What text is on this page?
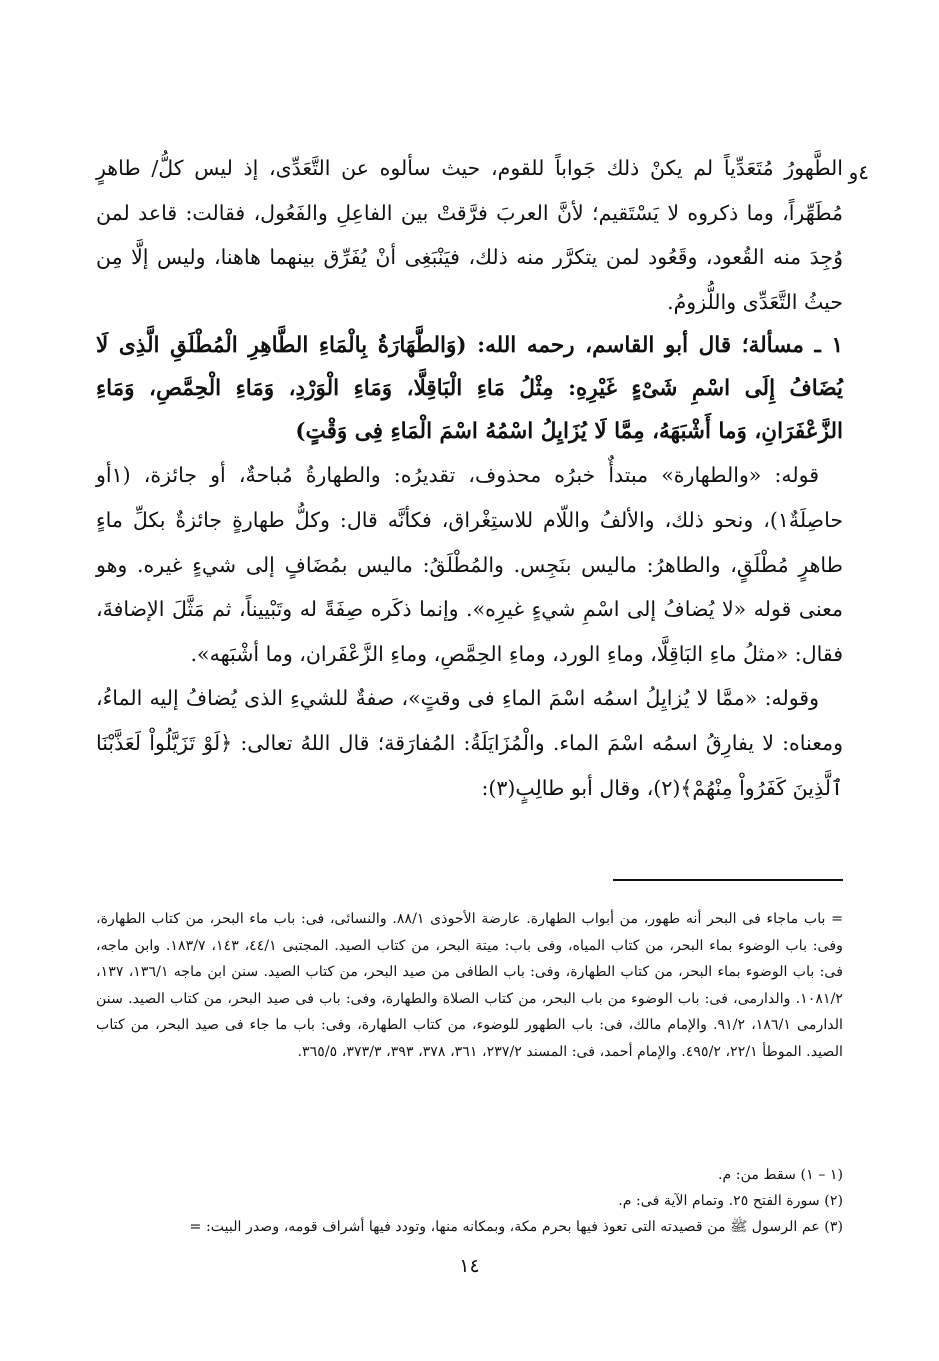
٤و

الطَّهورُ مُتَعَدِّياً لم يكنْ ذلك جَواباً للقوم، حيث سألوه عن التَّعَدِّى، إذ ليس كلُّ/ طاهرٍ مُطَهِّراً، وما ذكروه لا يَسْتَقيم؛ لأنَّ العربَ فرَّقتْ بين الفاعِلِ والفَعُول، فقالت: قاعد لمن وُجِدَ منه القُعود، وقَعُود لمن يتكرَّر منه ذلك، فيَنْبَغِى أنْ يُفَرِّق بينهما هاهنا، وليس إلَّا مِن حيثُ التَّعَدِّى واللُّزومُ.

١ ـ مسألة؛ قال أبو القاسم، رحمه الله: (وَالطَّهَارَةُ بِالْمَاءِ الطَّاهِرِ الْمُطْلَقِ الَّذِى لَا يُضَافُ إِلَى اسْمِ شَىْءٍ غَيْرِهِ: مِثْلُ مَاءِ الْبَاقِلَّا، وَمَاءِ الْوَرْدِ، وَمَاءِ الْحِمَّصِ، وَمَاءِ الزَّعْفَرَانِ، وَما أَشْبَهَهُ، مِمَّا لَا يُزَايِلُ اسْمُهُ اسْمَ الْمَاءِ فِى وَقْتٍ)

قوله: «والطهارة» مبتدأٌ خبرُه محذوف، تقديرُه: والطهارةُ مُباحةٌ، أو جائزة، (١أو حاصِلَةٌ١)، ونحو ذلك، والألفُ واللّام للاستِغْراق، فكأنَّه قال: وكلُّ طهارةٍ جائزةٌ بكلِّ ماءٍ طاهرٍ مُطْلَقٍ، والطاهرُ: ماليس بنَجِس. والمُطْلَقُ: ماليس بمُضَافٍ إلى شيءٍ غيره. وهو معنى قوله «لا يُضافُ إلى اسْمِ شيءٍ غيرِه». وإنما ذكَره صِفَةً له وتَبْييناً، ثم مَثَّلَ الإضافةَ، فقال: «مثلُ ماءِ البَاقِلَّا، وماءِ الورد، وماءِ الحِمَّصِ، وماءِ الزَّعْفَران، وما أشْبَهه».

وقوله: «ممَّا لا يُزايِلُ اسمُه اسْمَ الماءِ فى وقتٍ»، صفةٌ للشيءِ الذى يُضافُ إليه الماءُ، ومعناه: لا يفارِقُ اسمُه اسْمَ الماء. والْمُزَايَلَةُ: المُفارَقة؛ قال اللهُ تعالى: ﴿لَوْ تَزَيَّلُواْ لَعَذَّبْنَا ٱلَّذِينَ كَفَرُواْ مِنْهُمْ﴾(٢)، وقال أبو طالِبٍ(٣):

= باب ماجاء فى البحر أنه طهور، من أبواب الطهارة. عارضة الأحوذى ٨٨/١. والنسائى، فى: باب ماء البحر، من كتاب الطهارة، وفى: باب الوضوء بماء البحر، من كتاب المياه، وفى باب: ميتة البحر، من كتاب الصيد. المجتبى ٤٤/١، ١٤٣، ١٨٣/٧. وابن ماجه، فى: باب الوضوء بماء البحر، من كتاب الطهارة، وفى: باب الطافى من صيد البحر، من كتاب الصيد. سنن ابن ماجه ١٣٦/١، ١٣٧، ١٠٨١/٢. والدارمى، فى: باب الوضوء من باب البحر، من كتاب الصلاة والطهارة، وفى: باب فى صيد البحر، من كتاب الصيد. سنن الدارمى ١٨٦/١، ٩١/٢. والإمام مالك، فى: باب الطهور للوضوء، من كتاب الطهارة، وفى: باب ما جاء فى صيد البحر، من كتاب الصيد. الموطأ ٢٢/١، ٤٩٥/٢. والإمام أحمد، فى: المسند ٢٣٧/٢، ٣٦١، ٣٧٨، ٣٩٣، ٣٧٣/٣، ٣٦٥/٥.

(١ – ١) سقط من: م.
(٢) سورة الفتح ٢٥. وتمام الآية فى: م.
(٣) عم الرسول ﷺ من قصيدته التى تعوذ فيها بحرم مكة، وبمكانه منها، وتودد فيها أشراف قومه، وصدر البيت: =
١٤
